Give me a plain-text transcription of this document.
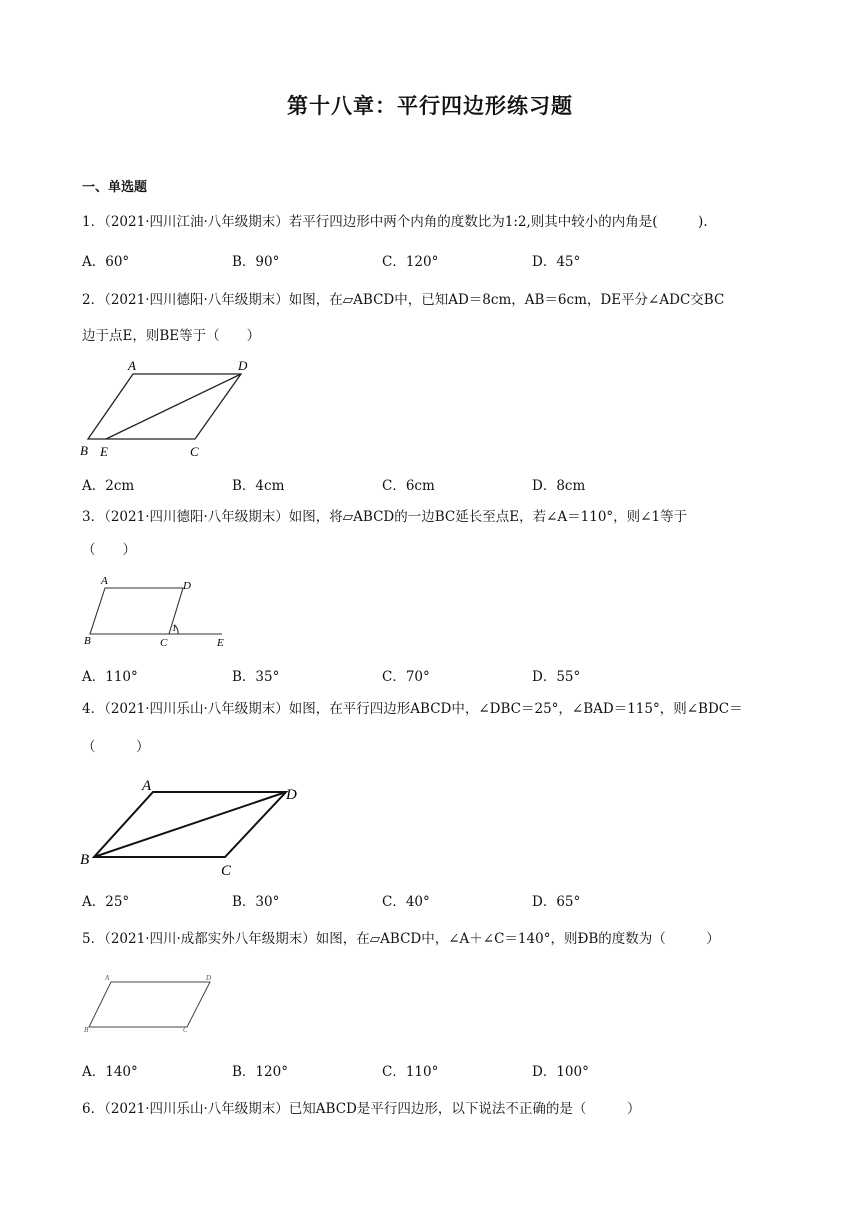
第十八章：平行四边形练习题
一、单选题
1．（2021·四川江油·八年级期末）若平行四边形中两个内角的度数比为1:2,则其中较小的内角是(　　　).
A．60°	B．90°	C．120°	D．45°
2．（2021·四川德阳·八年级期末）如图，在▱ABCD中，已知AD＝8cm，AB＝6cm，DE平分∠ADC交BC
边于点E，则BE等于（　　）
A	D
B E	C
A．2cm	B．4cm	C．6cm	D．8cm
3．（2021·四川德阳·八年级期末）如图，将▱ABCD的一边BC延长至点E，若∠A＝110°，则∠1等于
（　　）
A	D
B	C
1
E
A．110°	B．35°	C．70°	D．55°
4．（2021·四川乐山·八年级期末）如图，在平行四边形ABCD中，∠DBC＝25°，∠BAD＝115°，则∠BDC＝
（　　　）
A
D
B
C
A．25°	B．30°	C．40°	D．65°
5．（2021·四川·成都实外八年级期末）如图，在▱ABCD中，∠A＋∠C＝140°，则ÐB的度数为（　　　）
A	D
B	C
A．140°	B．120°	C．110°	D．100°
6．（2021·四川乐山·八年级期末）已知ABCD是平行四边形，以下说法不正确的是（　　　）
